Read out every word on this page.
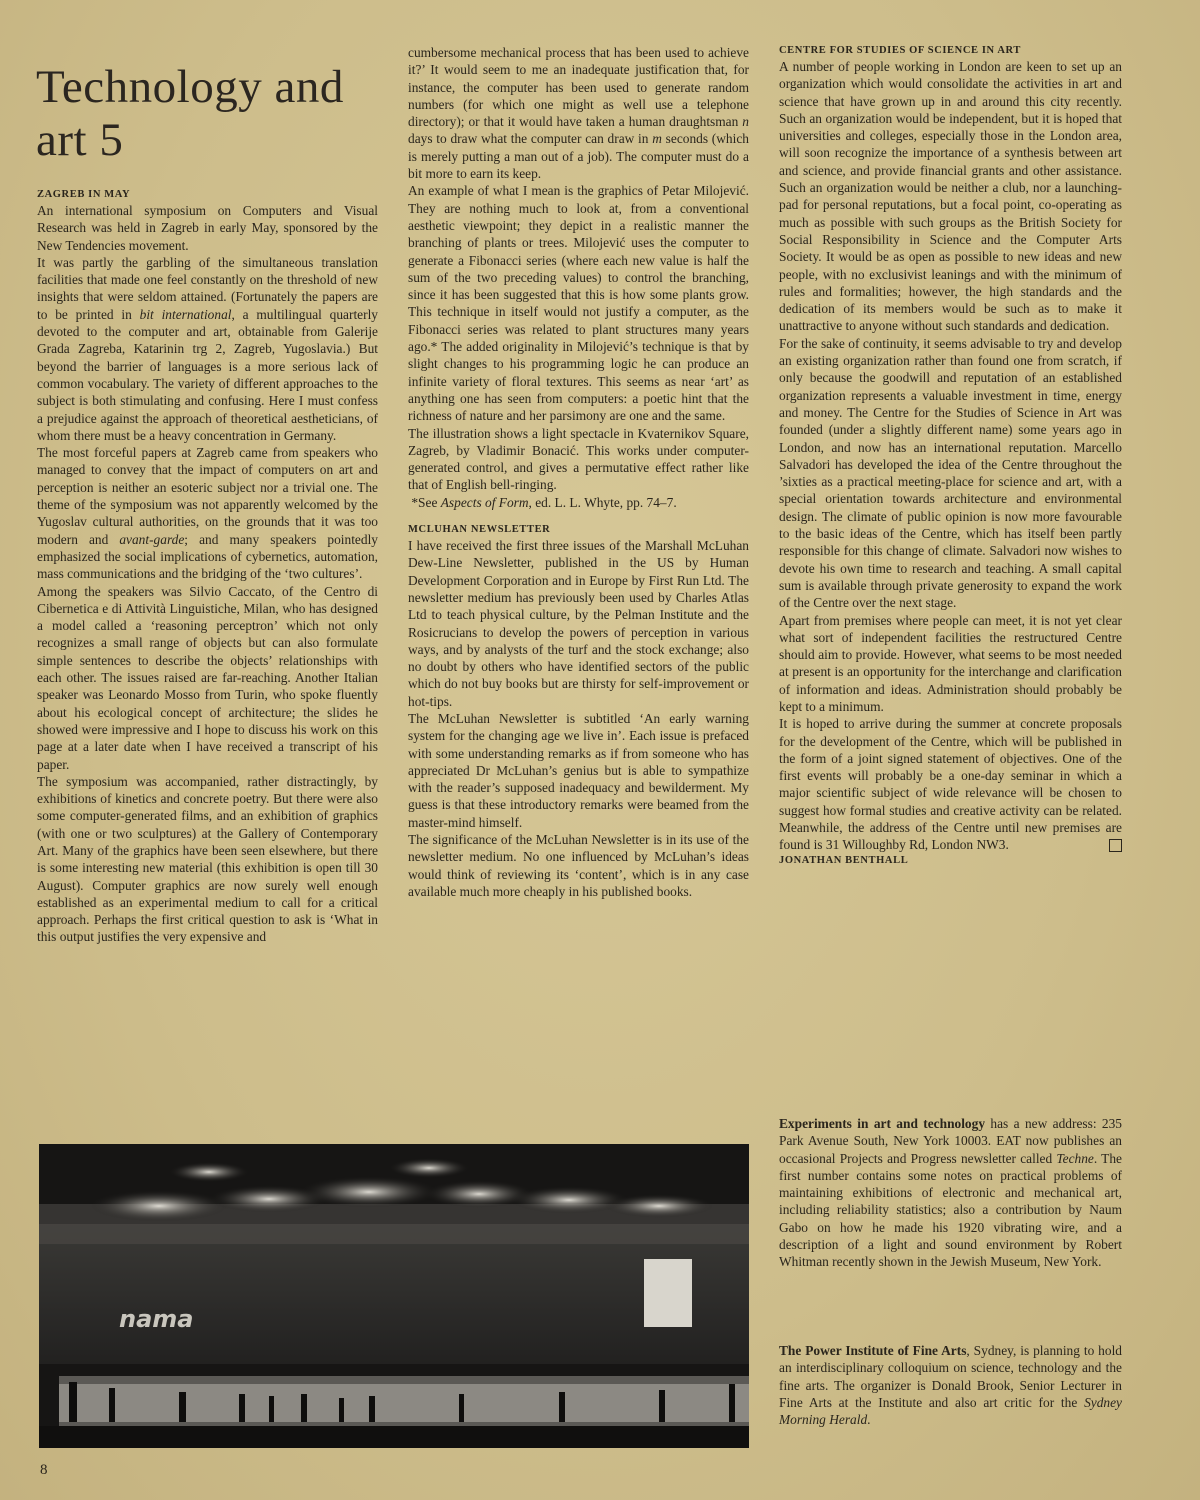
Technology and art 5

ZAGREB IN MAY

An international symposium on Computers and Visual Research was held in Zagreb in early May, sponsored by the New Tendencies movement.

It was partly the garbling of the simultaneous translation facilities that made one feel constantly on the threshold of new insights that were seldom attained. (Fortunately the papers are to be printed in bit international, a multilingual quarterly devoted to the computer and art, obtainable from Galerije Grada Zagreba, Katarinin trg 2, Zagreb, Yugoslavia.) But beyond the barrier of languages is a more serious lack of common vocabulary. The variety of different approaches to the subject is both stimulating and confusing. Here I must confess a prejudice against the approach of theoretical aestheticians, of whom there must be a heavy concentration in Germany.

The most forceful papers at Zagreb came from speakers who managed to convey that the impact of computers on art and perception is neither an esoteric subject nor a trivial one. The theme of the symposium was not apparently welcomed by the Yugoslav cultural authorities, on the grounds that it was too modern and avant-garde; and many speakers pointedly emphasized the social implications of cybernetics, automation, mass communications and the bridging of the ‘two cultures’.

Among the speakers was Silvio Caccato, of the Centro di Cibernetica e di Attività Linguistiche, Milan, who has designed a model called a ‘reasoning perceptron’ which not only recognizes a small range of objects but can also formulate simple sentences to describe the objects’ relationships with each other. The issues raised are far-reaching. Another Italian speaker was Leonardo Mosso from Turin, who spoke fluently about his ecological concept of architecture; the slides he showed were impressive and I hope to discuss his work on this page at a later date when I have received a transcript of his paper.

The symposium was accompanied, rather distractingly, by exhibitions of kinetics and concrete poetry. But there were also some computer-generated films, and an exhibition of graphics (with one or two sculptures) at the Gallery of Contemporary Art. Many of the graphics have been seen elsewhere, but there is some interesting new material (this exhibition is open till 30 August). Computer graphics are now surely well enough established as an experimental medium to call for a critical approach. Perhaps the first critical question to ask is ‘What in this output justifies the very expensive and

cumbersome mechanical process that has been used to achieve it?’ It would seem to me an inadequate justification that, for instance, the computer has been used to generate random numbers (for which one might as well use a telephone directory); or that it would have taken a human draughtsman n days to draw what the computer can draw in m seconds (which is merely putting a man out of a job). The computer must do a bit more to earn its keep.

An example of what I mean is the graphics of Petar Milojević. They are nothing much to look at, from a conventional aesthetic viewpoint; they depict in a realistic manner the branching of plants or trees. Milojević uses the computer to generate a Fibonacci series (where each new value is half the sum of the two preceding values) to control the branching, since it has been suggested that this is how some plants grow. This technique in itself would not justify a computer, as the Fibonacci series was related to plant structures many years ago.* The added originality in Milojević’s technique is that by slight changes to his programming logic he can produce an infinite variety of floral textures. This seems as near ‘art’ as anything one has seen from computers: a poetic hint that the richness of nature and her parsimony are one and the same.

The illustration shows a light spectacle in Kvaternikov Square, Zagreb, by Vladimir Bonacić. This works under computer-generated control, and gives a permutative effect rather like that of English bell-ringing.

*See Aspects of Form, ed. L. L. Whyte, pp. 74–7.

MCLUHAN NEWSLETTER

I have received the first three issues of the Marshall McLuhan Dew-Line Newsletter, published in the US by Human Development Corporation and in Europe by First Run Ltd. The newsletter medium has previously been used by Charles Atlas Ltd to teach physical culture, by the Pelman Institute and the Rosicrucians to develop the powers of perception in various ways, and by analysts of the turf and the stock exchange; also no doubt by others who have identified sectors of the public which do not buy books but are thirsty for self-improvement or hot-tips.

The McLuhan Newsletter is subtitled ‘An early warning system for the changing age we live in’. Each issue is prefaced with some understanding remarks as if from someone who has appreciated Dr McLuhan’s genius but is able to sympathize with the reader’s supposed inadequacy and bewilderment. My guess is that these introductory remarks were beamed from the master-mind himself.

The significance of the McLuhan Newsletter is in its use of the newsletter medium. No one influenced by McLuhan’s ideas would think of reviewing its ‘content’, which is in any case available much more cheaply in his published books.

CENTRE FOR STUDIES OF SCIENCE IN ART

A number of people working in London are keen to set up an organization which would consolidate the activities in art and science that have grown up in and around this city recently. Such an organization would be independent, but it is hoped that universities and colleges, especially those in the London area, will soon recognize the importance of a synthesis between art and science, and provide financial grants and other assistance. Such an organization would be neither a club, nor a launching-pad for personal reputations, but a focal point, co-operating as much as possible with such groups as the British Society for Social Responsibility in Science and the Computer Arts Society. It would be as open as possible to new ideas and new people, with no exclusivist leanings and with the minimum of rules and formalities; however, the high standards and the dedication of its members would be such as to make it unattractive to anyone without such standards and dedication.

For the sake of continuity, it seems advisable to try and develop an existing organization rather than found one from scratch, if only because the goodwill and reputation of an established organization represents a valuable investment in time, energy and money. The Centre for the Studies of Science in Art was founded (under a slightly different name) some years ago in London, and now has an international reputation. Marcello Salvadori has developed the idea of the Centre throughout the ’sixties as a practical meeting-place for science and art, with a special orientation towards architecture and environmental design. The climate of public opinion is now more favourable to the basic ideas of the Centre, which has itself been partly responsible for this change of climate. Salvadori now wishes to devote his own time to research and teaching. A small capital sum is available through private generosity to expand the work of the Centre over the next stage.

Apart from premises where people can meet, it is not yet clear what sort of independent facilities the restructured Centre should aim to provide. However, what seems to be most needed at present is an opportunity for the interchange and clarification of information and ideas. Administration should probably be kept to a minimum.

It is hoped to arrive during the summer at concrete proposals for the development of the Centre, which will be published in the form of a joint signed statement of objectives. One of the first events will probably be a one-day seminar in which a major scientific subject of wide relevance will be chosen to suggest how formal studies and creative activity can be related. Meanwhile, the address of the Centre until new premises are found is 31 Willoughby Rd, London NW3.

JONATHAN BENTHALL

Experiments in art and technology has a new address: 235 Park Avenue South, New York 10003. EAT now publishes an occasional Projects and Progress newsletter called Techne. The first number contains some notes on practical problems of maintaining exhibitions of electronic and mechanical art, including reliability statistics; also a contribution by Naum Gabo on how he made his 1920 vibrating wire, and a description of a light and sound environment by Robert Whitman recently shown in the Jewish Museum, New York.

The Power Institute of Fine Arts, Sydney, is planning to hold an interdisciplinary colloquium on science, technology and the fine arts. The organizer is Donald Brook, Senior Lecturer in Fine Arts at the Institute and also art critic for the Sydney Morning Herald.

nama
8
